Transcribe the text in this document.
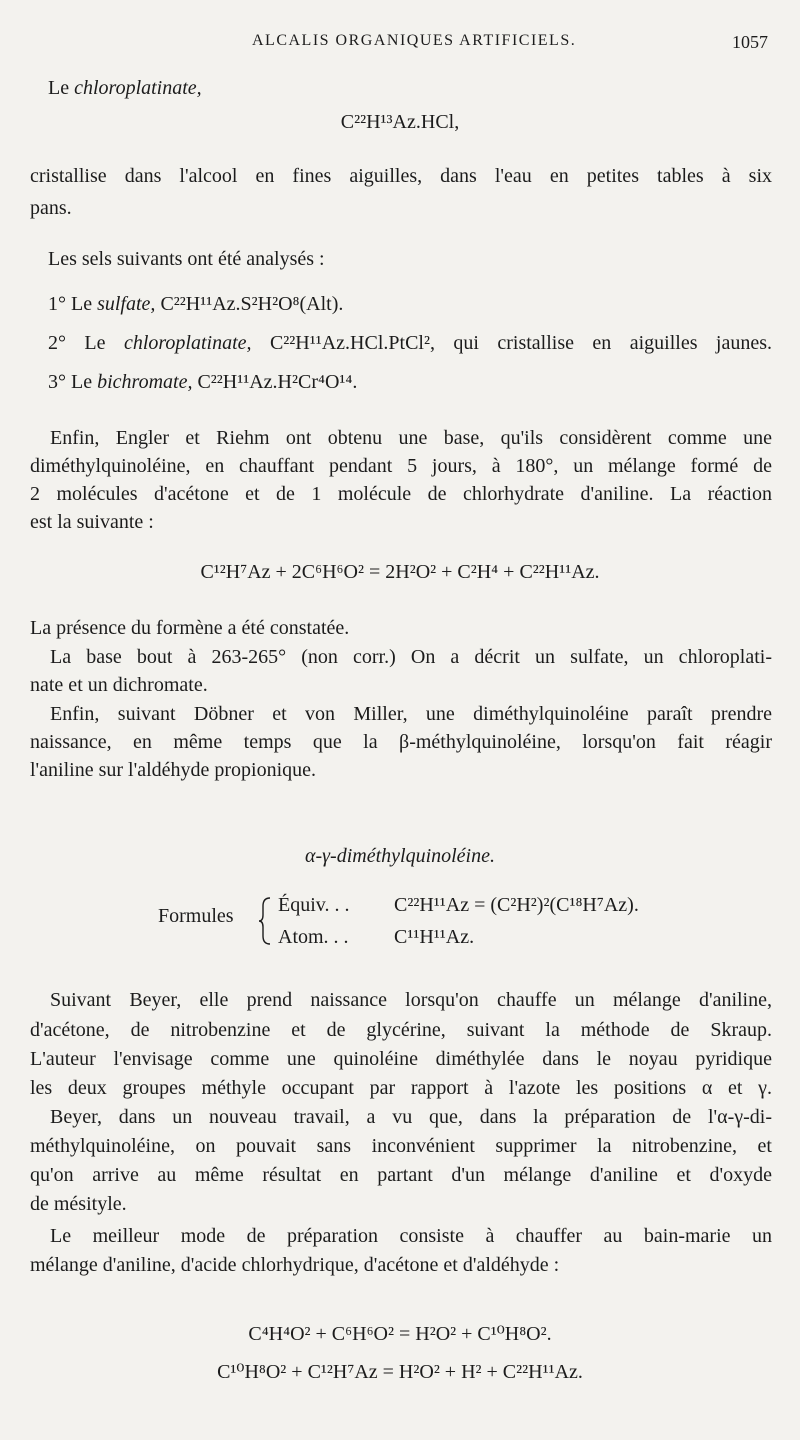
ALCALIS ORGANIQUES ARTIFICIELS.	1057
Le chloroplatinate,
C²²H¹³Az.HCl,
cristallise dans l'alcool en fines aiguilles, dans l'eau en petites tables à six
pans.
Les sels suivants ont été analysés :
1° Le sulfate, C²²H¹¹Az.S²H²O⁸(Alt).
2° Le chloroplatinate, C²²H¹¹Az.HCl.PtCl², qui cristallise en aiguilles jaunes.
3° Le bichromate, C²²H¹¹Az.H²Cr⁴O¹⁴.
Enfin, Engler et Riehm ont obtenu une base, qu'ils considèrent comme une
diméthylquinoléine, en chauffant pendant 5 jours, à 180°, un mélange formé de
2 molécules d'acétone et de 1 molécule de chlorhydrate d'aniline. La réaction
est la suivante :
C¹²H⁷Az + 2C⁶H⁶O² = 2H²O² + C²H⁴ + C²²H¹¹Az.
La présence du formène a été constatée.
La base bout à 263-265° (non corr.) On a décrit un sulfate, un chloroplati-
nate et un dichromate.
Enfin, suivant Döbner et von Miller, une diméthylquinoléine paraît prendre
naissance, en même temps que la β-méthylquinoléine, lorsqu'on fait réagir
l'aniline sur l'aldéhyde propionique.
α-γ-diméthylquinoléine.
Formules Équiv. . . C²²H¹¹Az = (C²H²)²(C¹⁸H⁷Az).
Atom. . . C¹¹H¹¹Az.
Suivant Beyer, elle prend naissance lorsqu'on chauffe un mélange d'aniline,
d'acétone, de nitrobenzine et de glycérine, suivant la méthode de Skraup.
L'auteur l'envisage comme une quinoléine diméthylée dans le noyau pyridique
les deux groupes méthyle occupant par rapport à l'azote les positions α et γ.
Beyer, dans un nouveau travail, a vu que, dans la préparation de l'α-γ-di-
méthylquinoléine, on pouvait sans inconvénient supprimer la nitrobenzine, et
qu'on arrive au même résultat en partant d'un mélange d'aniline et d'oxyde
de mésityle.
Le meilleur mode de préparation consiste à chauffer au bain-marie un
mélange d'aniline, d'acide chlorhydrique, d'acétone et d'aldéhyde :
C⁴H⁴O² + C⁶H⁶O² = H²O² + C¹⁰H⁸O².
C¹⁰H⁸O² + C¹²H⁷Az = H²O² + H² + C²²H¹¹Az.
